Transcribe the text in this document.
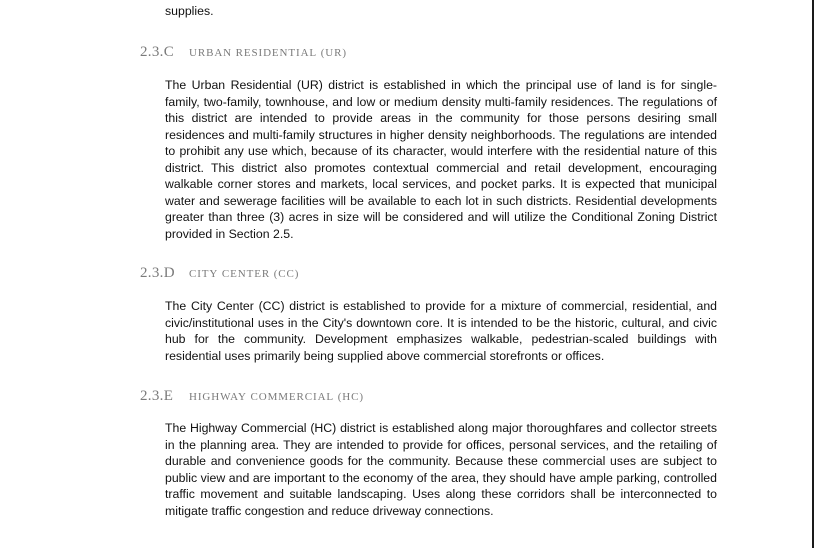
supplies.
2.3.C urban residential (ur)

The Urban Residential (UR) district is established in which the principal use of land is for single-family, two-family, townhouse, and low or medium density multi-family residences. The regulations of this district are intended to provide areas in the community for those persons desiring small residences and multi-family structures in higher density neighborhoods. The regulations are intended to prohibit any use which, because of its character, would interfere with the residential nature of this district. This district also promotes contextual commercial and retail development, encouraging walkable corner stores and markets, local services, and pocket parks. It is expected that municipal water and sewerage facilities will be available to each lot in such districts. Residential developments greater than three (3) acres in size will be considered and will utilize the Conditional Zoning District provided in Section 2.5.

2.3.D city center (cc)

The City Center (CC) district is established to provide for a mixture of commercial, residential, and civic/institutional uses in the City's downtown core. It is intended to be the historic, cultural, and civic hub for the community. Development emphasizes walkable, pedestrian-scaled buildings with residential uses primarily being supplied above commercial storefronts or offices.

2.3.E highway commercial (hc)

The Highway Commercial (HC) district is established along major thoroughfares and collector streets in the planning area. They are intended to provide for offices, personal services, and the retailing of durable and convenience goods for the community. Because these commercial uses are subject to public view and are important to the economy of the area, they should have ample parking, controlled traffic movement and suitable landscaping. Uses along these corridors shall be interconnected to mitigate traffic congestion and reduce driveway connections.
